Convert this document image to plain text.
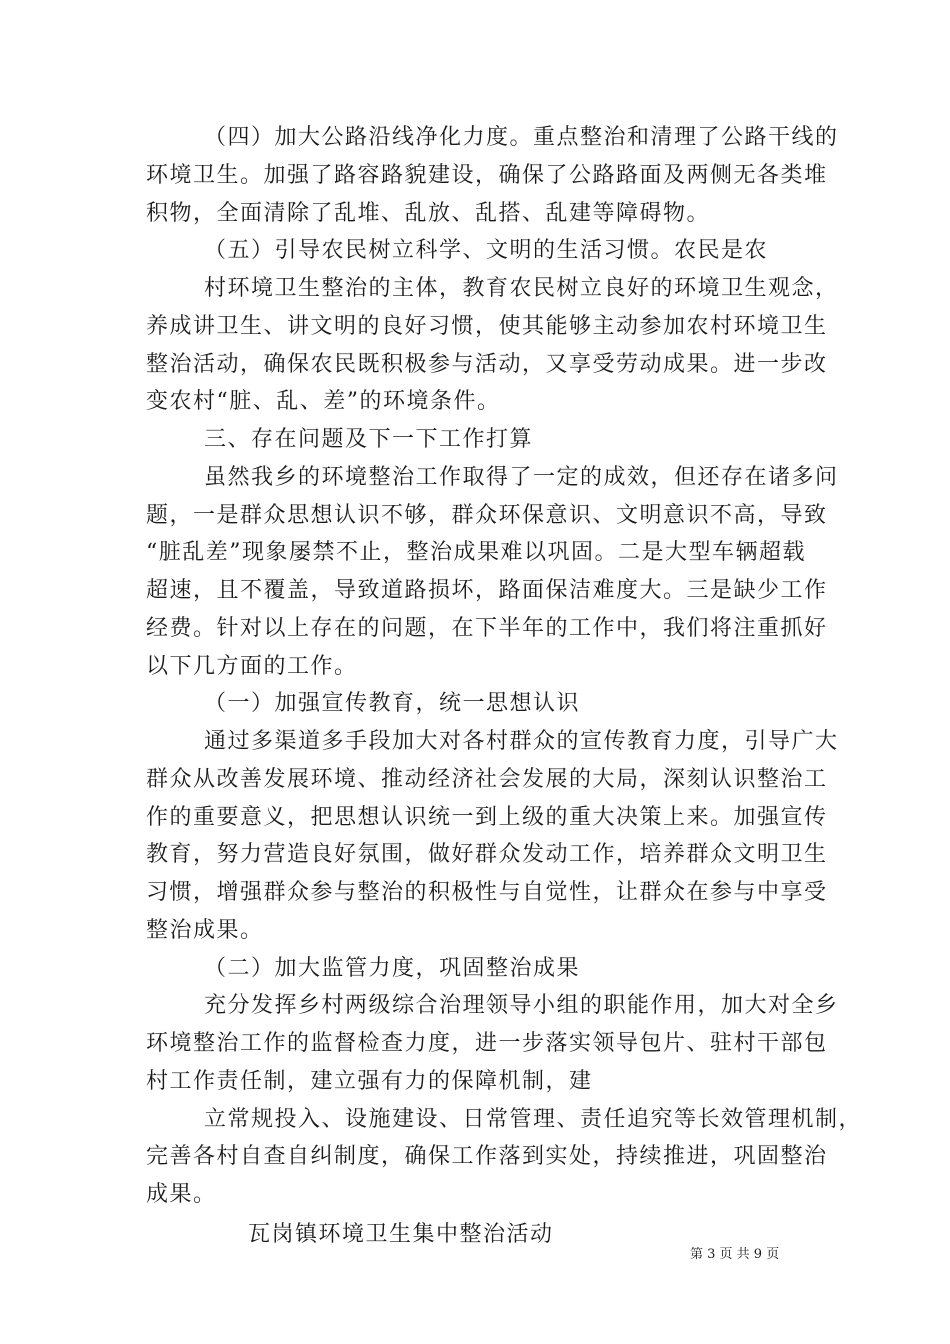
（四）加大公路沿线净化力度。重点整治和清理了公路干线的
环境卫生。加强了路容路貌建设，确保了公路路面及两侧无各类堆
积物，全面清除了乱堆、乱放、乱搭、乱建等障碍物。
（五）引导农民树立科学、文明的生活习惯。农民是农
村环境卫生整治的主体，教育农民树立良好的环境卫生观念，
养成讲卫生、讲文明的良好习惯，使其能够主动参加农村环境卫生
整治活动，确保农民既积极参与活动，又享受劳动成果。进一步改
变农村“脏、乱、差”的环境条件。
三、存在问题及下一下工作打算
虽然我乡的环境整治工作取得了一定的成效，但还存在诸多问
题，一是群众思想认识不够，群众环保意识、文明意识不高，导致
“脏乱差”现象屡禁不止，整治成果难以巩固。二是大型车辆超载
超速，且不覆盖，导致道路损坏，路面保洁难度大。三是缺少工作
经费。针对以上存在的问题，在下半年的工作中，我们将注重抓好
以下几方面的工作。
（一）加强宣传教育，统一思想认识
通过多渠道多手段加大对各村群众的宣传教育力度，引导广大
群众从改善发展环境、推动经济社会发展的大局，深刻认识整治工
作的重要意义，把思想认识统一到上级的重大决策上来。加强宣传
教育，努力营造良好氛围，做好群众发动工作，培养群众文明卫生
习惯，增强群众参与整治的积极性与自觉性，让群众在参与中享受
整治成果。
（二）加大监管力度，巩固整治成果
充分发挥乡村两级综合治理领导小组的职能作用，加大对全乡
环境整治工作的监督检查力度，进一步落实领导包片、驻村干部包
村工作责任制，建立强有力的保障机制，建
立常规投入、设施建设、日常管理、责任追究等长效管理机制，
完善各村自查自纠制度，确保工作落到实处，持续推进，巩固整治
成果。
瓦岗镇环境卫生集中整治活动
第 3 页 共 9 页
